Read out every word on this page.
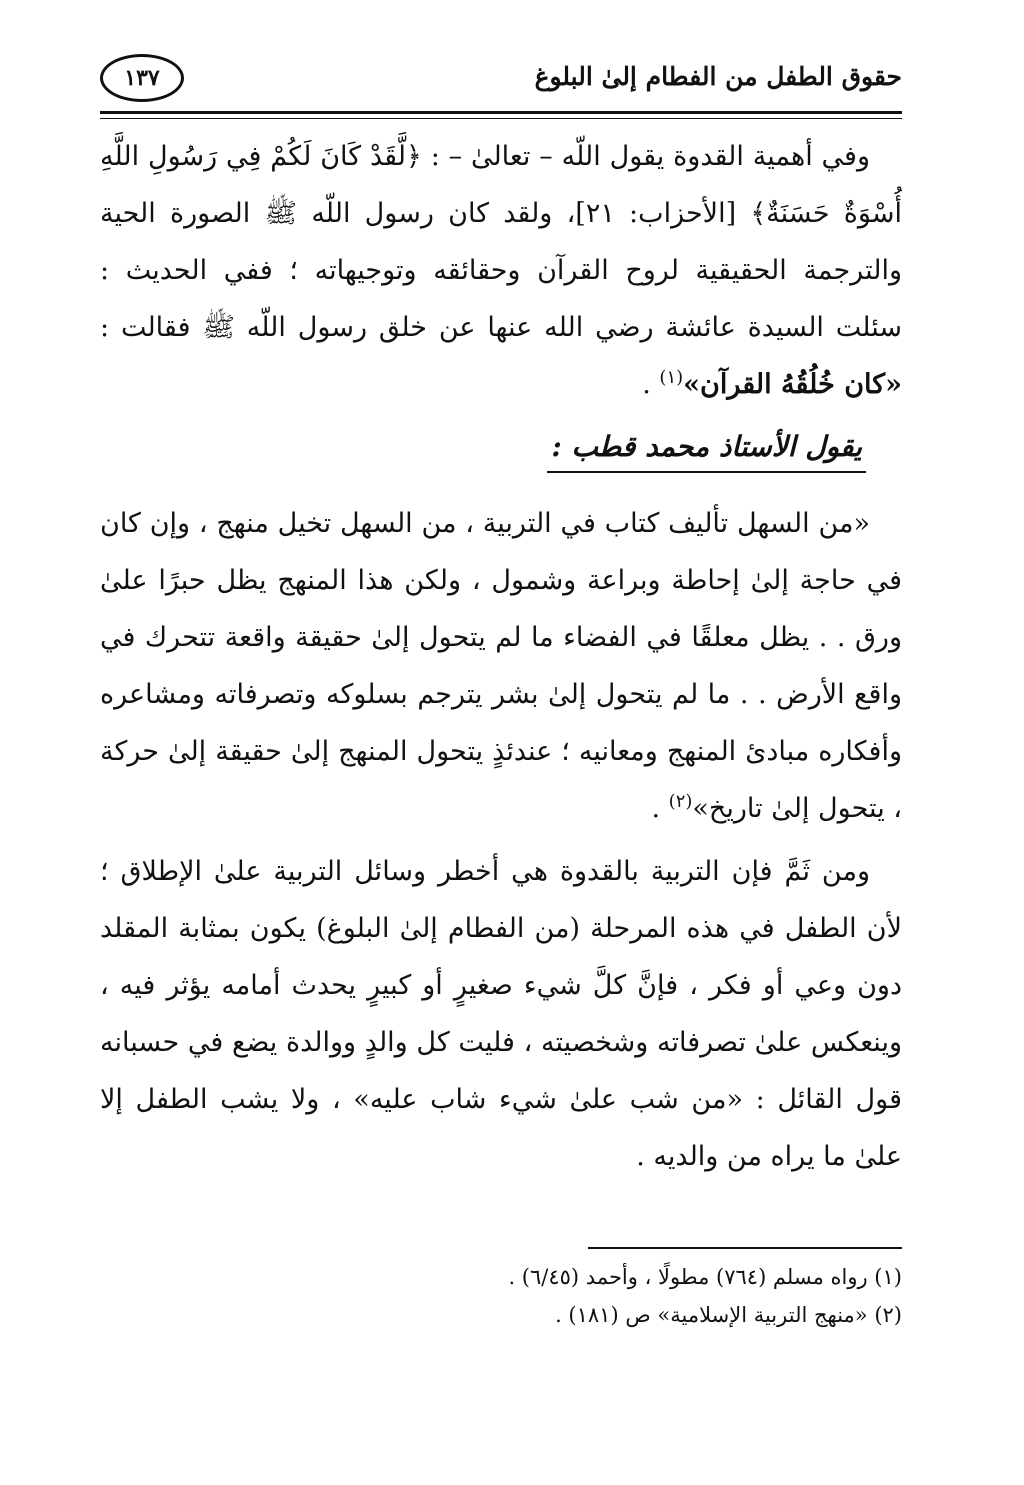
حقوق الطفل من الفطام إلىٰ البلوغ
١٣٧

وفي أهمية القدوة يقول اللّه – تعالىٰ – : ﴿لَّقَدْ كَانَ لَكُمْ فِي رَسُولِ اللَّهِ أُسْوَةٌ حَسَنَةٌ﴾ [الأحزاب: ٢١]، ولقد كان رسول اللّه ﷺ الصورة الحية والترجمة الحقيقية لروح القرآن وحقائقه وتوجيهاته ؛ ففي الحديث : سئلت السيدة عائشة رضي الله عنها عن خلق رسول اللّه ﷺ فقالت : «كان خُلُقُهُ القرآن»$^{(١)}$ .

يقول الأستاذ محمد قطب :

«من السهل تأليف كتاب في التربية ، من السهل تخيل منهج ، وإن كان في حاجة إلىٰ إحاطة وبراعة وشمول ، ولكن هذا المنهج يظل حبرًا علىٰ ورق . . يظل معلقًا في الفضاء ما لم يتحول إلىٰ حقيقة واقعة تتحرك في واقع الأرض . . ما لم يتحول إلىٰ بشر يترجم بسلوكه وتصرفاته ومشاعره وأفكاره مبادئ المنهج ومعانيه ؛ عندئذٍ يتحول المنهج إلىٰ حقيقة إلىٰ حركة ، يتحول إلىٰ تاريخ»$^{(٢)}$ .

ومن ثَمَّ فإن التربية بالقدوة هي أخطر وسائل التربية علىٰ الإطلاق ؛ لأن الطفل في هذه المرحلة (من الفطام إلىٰ البلوغ) يكون بمثابة المقلد دون وعي أو فكر ، فإنَّ كلَّ شيء صغيرٍ أو كبيرٍ يحدث أمامه يؤثر فيه ، وينعكس علىٰ تصرفاته وشخصيته ، فليت كل والدٍ ووالدة يضع في حسبانه قول القائل : «من شب علىٰ شيء شاب عليه» ، ولا يشب الطفل إلا علىٰ ما يراه من والديه .

(١) رواه مسلم (٧٦٤) مطولًا ، وأحمد (٦/٤٥) .

(٢) «منهج التربية الإسلامية» ص (١٨١) .
